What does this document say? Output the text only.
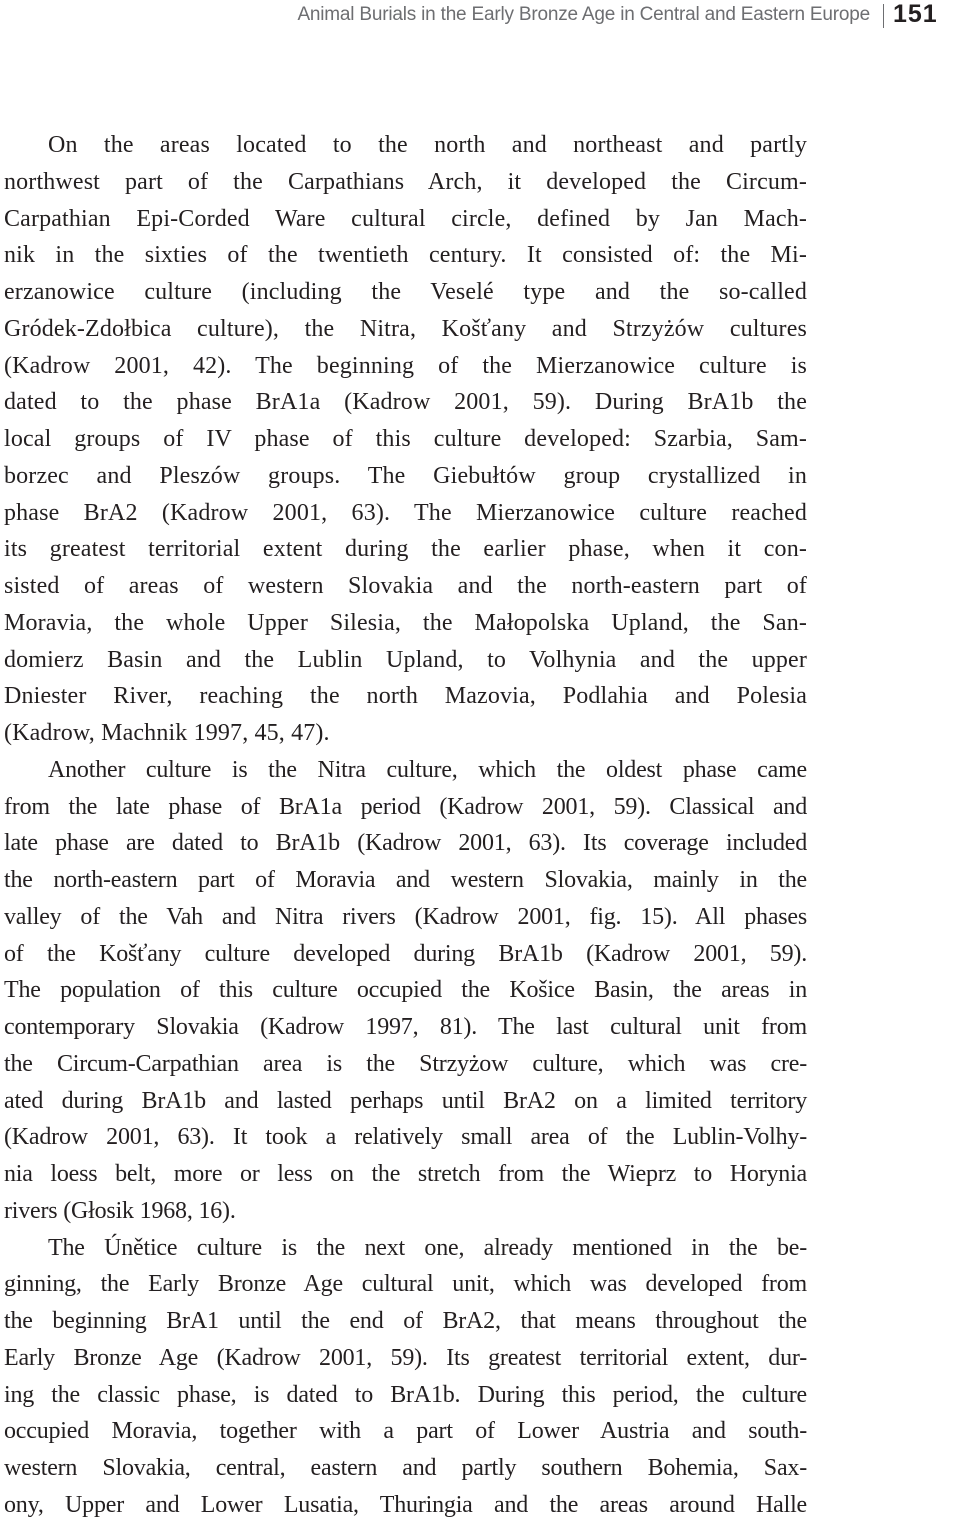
Animal Burials in the Early Bronze Age in Central and Eastern Europe 151
On the areas located to the north and northeast and partly
northwest part of the Carpathians Arch, it developed the Circum-
Carpathian Epi-Corded Ware cultural circle, defined by Jan Mach-
nik in the sixties of the twentieth century. It consisted of: the Mi-
erzanowice culture (including the Veselé type and the so-called
Gródek-Zdołbica culture), the Nitra, Košťany and Strzyżów cultures
(Kadrow 2001, 42). The beginning of the Mierzanowice culture is
dated to the phase BrA1a (Kadrow 2001, 59). During BrA1b the
local groups of IV phase of this culture developed: Szarbia, Sam-
borzec and Pleszów groups. The Giebułtów group crystallized in
phase BrA2 (Kadrow 2001, 63). The Mierzanowice culture reached
its greatest territorial extent during the earlier phase, when it con-
sisted of areas of western Slovakia and the north-eastern part of
Moravia, the whole Upper Silesia, the Małopolska Upland, the San-
domierz Basin and the Lublin Upland, to Volhynia and the upper
Dniester River, reaching the north Mazovia, Podlahia and Polesia
(Kadrow, Machnik 1997, 45, 47).
Another culture is the Nitra culture, which the oldest phase came
from the late phase of BrA1a period (Kadrow 2001, 59). Classical and
late phase are dated to BrA1b (Kadrow 2001, 63). Its coverage included
the north-eastern part of Moravia and western Slovakia, mainly in the
valley of the Vah and Nitra rivers (Kadrow 2001, fig. 15). All phases
of the Košťany culture developed during BrA1b (Kadrow 2001, 59).
The population of this culture occupied the Košice Basin, the areas in
contemporary Slovakia (Kadrow 1997, 81). The last cultural unit from
the Circum-Carpathian area is the Strzyżow culture, which was cre-
ated during BrA1b and lasted perhaps until BrA2 on a limited territory
(Kadrow 2001, 63). It took a relatively small area of the Lublin-Volhy-
nia loess belt, more or less on the stretch from the Wieprz to Horynia
rivers (Głosik 1968, 16).
The Únětice culture is the next one, already mentioned in the be-
ginning, the Early Bronze Age cultural unit, which was developed from
the beginning BrA1 until the end of BrA2, that means throughout the
Early Bronze Age (Kadrow 2001, 59). Its greatest territorial extent, dur-
ing the classic phase, is dated to BrA1b. During this period, the culture
occupied Moravia, together with a part of Lower Austria and south-
western Slovakia, central, eastern and partly southern Bohemia, Sax-
ony, Upper and Lower Lusatia, Thuringia and the areas around Halle
